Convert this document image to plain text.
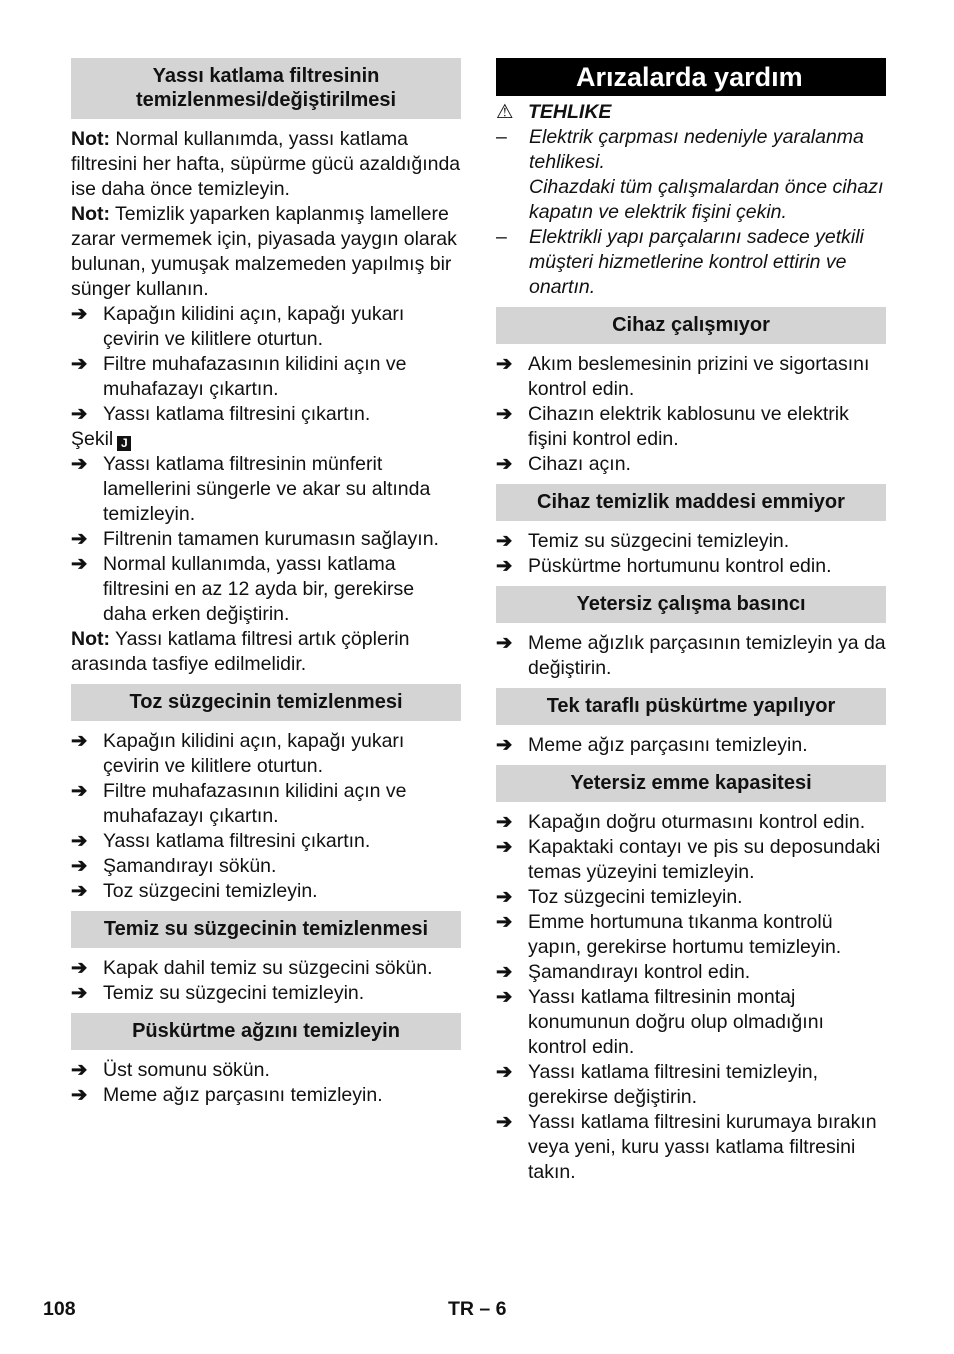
Yassı katlama filtresinin
temizlenmesi/değiştirilmesi

Not: Normal kullanımda, yassı katlama filtresini her hafta, süpürme gücü azaldığında ise daha önce temizleyin.

Not: Temizlik yaparken kaplanmış lamellere zarar vermemek için, piyasada yaygın olarak bulunan, yumuşak malzemeden yapılmış bir sünger kullanın.

➔ Kapağın kilidini açın, kapağı yukarı çevirin ve kilitlere oturtun.
➔ Filtre muhafazasının kilidini açın ve muhafazayı çıkartın.
➔ Yassı katlama filtresini çıkartın.

Şekil J

➔ Yassı katlama filtresinin münferit lamellerini süngerle ve akar su altında temizleyin.
➔ Filtrenin tamamen kurumasın sağlayın.
➔ Normal kullanımda, yassı katlama filtresini en az 12 ayda bir, gerekirse daha erken değiştirin.

Not: Yassı katlama filtresi artık çöplerin arasında tasfiye edilmelidir.

Toz süzgecinin temizlenmesi
➔ Kapağın kilidini açın, kapağı yukarı çevirin ve kilitlere oturtun.
➔ Filtre muhafazasının kilidini açın ve muhafazayı çıkartın.
➔ Yassı katlama filtresini çıkartın.
➔ Şamandırayı sökün.
➔ Toz süzgecini temizleyin.
Temiz su süzgecinin temizlenmesi
➔ Kapak dahil temiz su süzgecini sökün.
➔ Temiz su süzgecini temizleyin.
Püskürtme ağzını temizleyin
➔ Üst somunu sökün.
➔ Meme ağız parçasını temizleyin.
Arızalarda yardım
⚠ TEHLIKE
– Elektrik çarpması nedeniyle yaralanma tehlikesi.
Cihazdaki tüm çalışmalardan önce cihazı kapatın ve elektrik fişini çekin.
– Elektrikli yapı parçalarını sadece yetkili müşteri hizmetlerine kontrol ettirin ve onartın.
Cihaz çalışmıyor
➔ Akım beslemesinin prizini ve sigortasını kontrol edin.
➔ Cihazın elektrik kablosunu ve elektrik fişini kontrol edin.
➔ Cihazı açın.
Cihaz temizlik maddesi emmiyor
➔ Temiz su süzgecini temizleyin.
➔ Püskürtme hortumunu kontrol edin.
Yetersiz çalışma basıncı
➔ Meme ağızlık parçasının temizleyin ya da değiştirin.
Tek taraflı püskürtme yapılıyor
➔ Meme ağız parçasını temizleyin.
Yetersiz emme kapasitesi
➔ Kapağın doğru oturmasını kontrol edin.
➔ Kapaktaki contayı ve pis su deposundaki temas yüzeyini temizleyin.
➔ Toz süzgecini temizleyin.
➔ Emme hortumuna tıkanma kontrolü yapın, gerekirse hortumu temizleyin.
➔ Şamandırayı kontrol edin.
➔ Yassı katlama filtresinin montaj konumunun doğru olup olmadığını kontrol edin.
➔ Yassı katlama filtresini temizleyin, gerekirse değiştirin.
➔ Yassı katlama filtresini kurumaya bırakın veya yeni, kuru yassı katlama filtresini takın.
108	TR – 6
